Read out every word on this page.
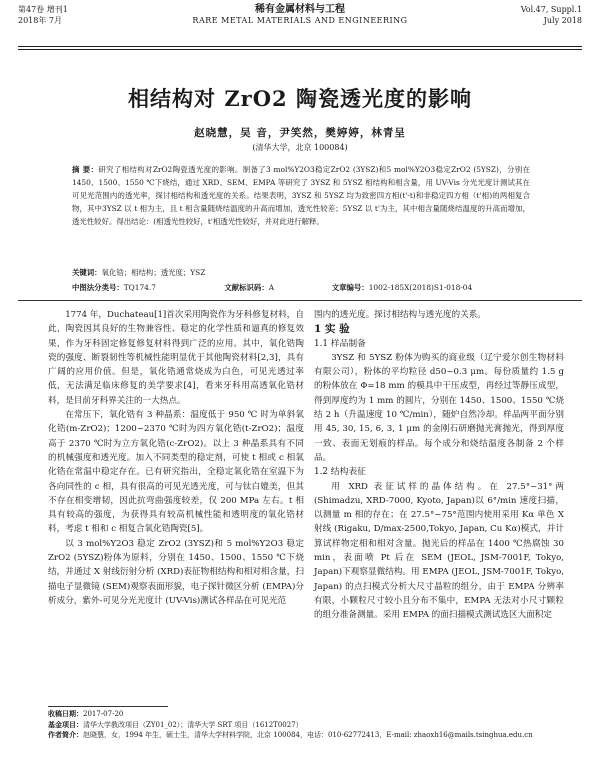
第47卷 增刊1
2018年 7月
稀有金属材料与工程
RARE METAL MATERIALS AND ENGINEERING
Vol.47, Suppl.1
July 2018
相结构对 ZrO2 陶瓷透光度的影响
赵晓慧，吴 音，尹笑然，樊婷婷，林青呈
(清华大学，北京 100084)
摘 要：研究了相结构对ZrO2陶瓷透光度的影响。制备了3 mol%Y2O3稳定ZrO2 (3YSZ)和5 mol%Y2O3稳定ZrO2 (5YSZ)，分别在1450、1500、1550 ℃下烧结，通过 XRD、SEM、EMPA 等研究了 3YSZ 和 5YSZ 相结构和相含量，用 UV-Vis 分光光度计测试其在可见光范围内的透光率，探讨相结构和透光度的关系。结果表明，3YSZ 和 5YSZ 均为致密四方相(t'-t)和非稳定四方相（t'相)的两相复合物，其中3YSZ 以 t 相为主，且 t 相含量随烧结温度的升高而增加，透光性较差；5YSZ 以 t'为主，其中相含量随烧结温度的升高而增加，透光性较好。得出结论：(相透光性较好，t'相透光性较好，并对此进行解释。
关键词：氧化锆；相结构；透光度；YSZ
中图法分类号：TQ174.7	文献标识码：A	文章编号：1002-185X(2018)S1-018-04

1774 年，Duchateau[1]首次采用陶瓷作为牙科修复材料，自此，陶瓷因其良好的生物兼容性、稳定的化学性质和逼真的修复效果，作为牙科固定修复修复材料得到广泛的应用。其中，氧化锆陶瓷的强度、断裂韧性等机械性能明显优于其他陶瓷材料[2,3]，具有广阔的应用价值。但是，氧化锆通常烧成为白色，可见光透过率低，无法满足临床修复的美学要求[4]，看来牙科用高透氧化锆材料，是目前牙科界关注的一大热点。

在常压下，氧化锆有 3 种晶系：温度低于 950 ℃ 时为单斜氧化锆(m-ZrO2)；1200~2370 ℃时为四方氧化锆(t-ZrO2)；温度高于 2370 ℃时为立方氧化锆(c-ZrO2)。以上 3 种晶系具有不同的机械强度和透光度。加入不同类型的稳定剂，可使 t 相或 c 相氧化锆在常温中稳定存在。已有研究指出，全稳定氧化锆在室温下为各向同性的 c 相，具有很高的可见光透光度，可与钛白媲美，但其不存在相变增韧，因此抗弯曲强度较差，仅 200 MPa 左右。t 相具有较高的强度，为获得具有较高机械性能和透明度的氧化锆材料，考虑 t 相和 c 相复合氧化锆陶瓷[5]。

以 3 mol%Y2O3 稳定 ZrO2 (3YSZ)和 5 mol%Y2O3 稳定 ZrO2 (5YSZ)粉体为原料，分别在 1450、1500、1550 ℃下烧结，并通过 X 射线衍射分析 (XRD)表征物相结构和相对相含量，扫描电子显微镜 (SEM)观察表面形貌，电子探针微区分析 (EMPA)分析成分，紫外-可见分光光度计 (UV-Vis)测试各样品在可见光范

围内的透光度。探讨相结构与透光度的关系。

1 实 验

1.1 样品制备

3YSZ 和 5YSZ 粉体为购买的商业级（辽宁爱尔创生物材料有限公司），粉体的平均粒径 d50~0.3 μm。每份质量约 1.5 g 的粉体放在 Φ=18 mm 的模具中干压成型，再经过等静压成型，得到厚度约为 1 mm 的圆片，分别在 1450、1500、1550 ℃烧结 2 h（升温速度 10 ℃/min），随炉自然冷却。样品两平面分别用 45, 30, 15, 6, 3, 1 μm 的金刚石研磨抛光膏抛光，得到厚度一致、表面无划痕的样品。每个成分和烧结温度各制备 2 个样品。

1.2 结构表征

用 XRD 表征试样的晶体结构。在 27.5°~31°两 (Shimadzu, XRD-7000, Kyoto, Japan)以 6°/min 速度扫描，以测量 m 相的存在；在 27.5°~75°范围内使用采用 Kα 单色 X 射线 (Rigaku, D/max-2500,Tokyo, Japan, Cu Kα)模式，并计算试样物定相和相对含量。抛光后的样品在 1400 ℃热腐蚀 30 min，表面喷 Pt 后在 SEM (JEOL, JSM-7001F, Tokyo, Japan)下观察显微结构。用 EMPA (JEOL, JSM-7001F, Tokyo, Japan) 的点扫模式分析大尺寸晶粒的组分，由于 EMPA 分辨率有限，小颗粒尺寸较小且分布不集中，EMPA 无法对小尺寸颗粒的组分准备测量。采用 EMPA 的面扫描模式测试选区大面积定

收稿日期：2017-07-20
基金项目：清华大学教改项目（ZY01_02）；清华大学 SRT 项目（1612T0027）
作者简介：赵晓慧，女，1994 年生，硕士生，清华大学材料学院，北京 100084，电话：010-62772413，E-mail: zhaoxh16@mails.tsinghua.edu.cn
